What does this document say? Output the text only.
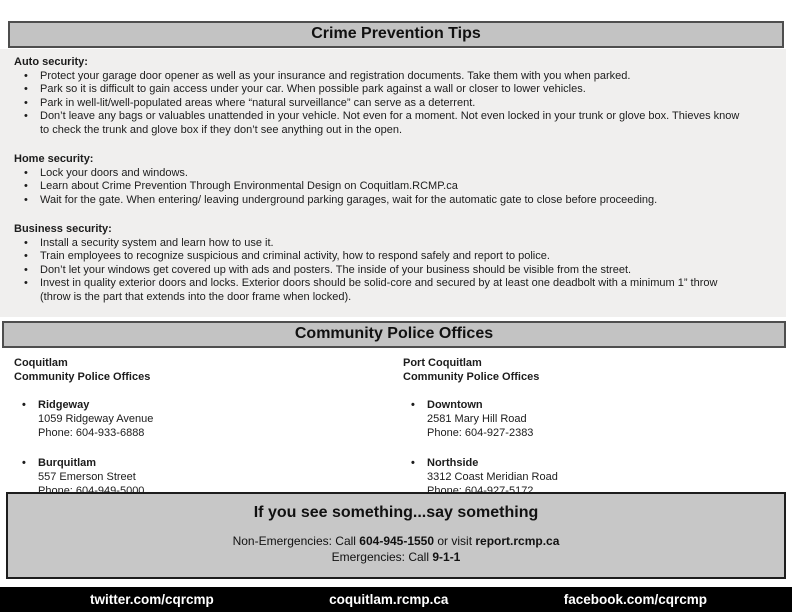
Crime Prevention Tips
Auto security:
• Protect your garage door opener as well as your insurance and registration documents. Take them with you when parked.
• Park so it is difficult to gain access under your car. When possible park against a wall or closer to lower vehicles.
• Park in well-lit/well-populated areas where “natural surveillance” can serve as a deterrent.
• Don’t leave any bags or valuables unattended in your vehicle. Not even for a moment. Not even locked in your trunk or glove box. Thieves know to check the trunk and glove box if they don’t see anything out in the open.
Home security:
• Lock your doors and windows.
• Learn about Crime Prevention Through Environmental Design on Coquitlam.RCMP.ca
• Wait for the gate. When entering/ leaving underground parking garages, wait for the automatic gate to close before proceeding.
Business security:
• Install a security system and learn how to use it.
• Train employees to recognize suspicious and criminal activity, how to respond safely and report to police.
• Don’t let your windows get covered up with ads and posters. The inside of your business should be visible from the street.
• Invest in quality exterior doors and locks. Exterior doors should be solid-core and secured by at least one deadbolt with a minimum 1” throw (throw is the part that extends into the door frame when locked).
Community Police Offices
Coquitlam
Community Police Offices
• Ridgeway
1059 Ridgeway Avenue
Phone: 604-933-6888
• Burquitlam
557 Emerson Street
Phone: 604-949-5000
Port Coquitlam
Community Police Offices
• Downtown
2581 Mary Hill Road
Phone: 604-927-2383
• Northside
3312 Coast Meridian Road
Phone: 604-927-5172
If you see something...say something
Non-Emergencies: Call 604-945-1550 or visit report.rcmp.ca
Emergencies: Call 9-1-1
twitter.com/cqrcmp	coquitlam.rcmp.ca	facebook.com/cqrcmp
